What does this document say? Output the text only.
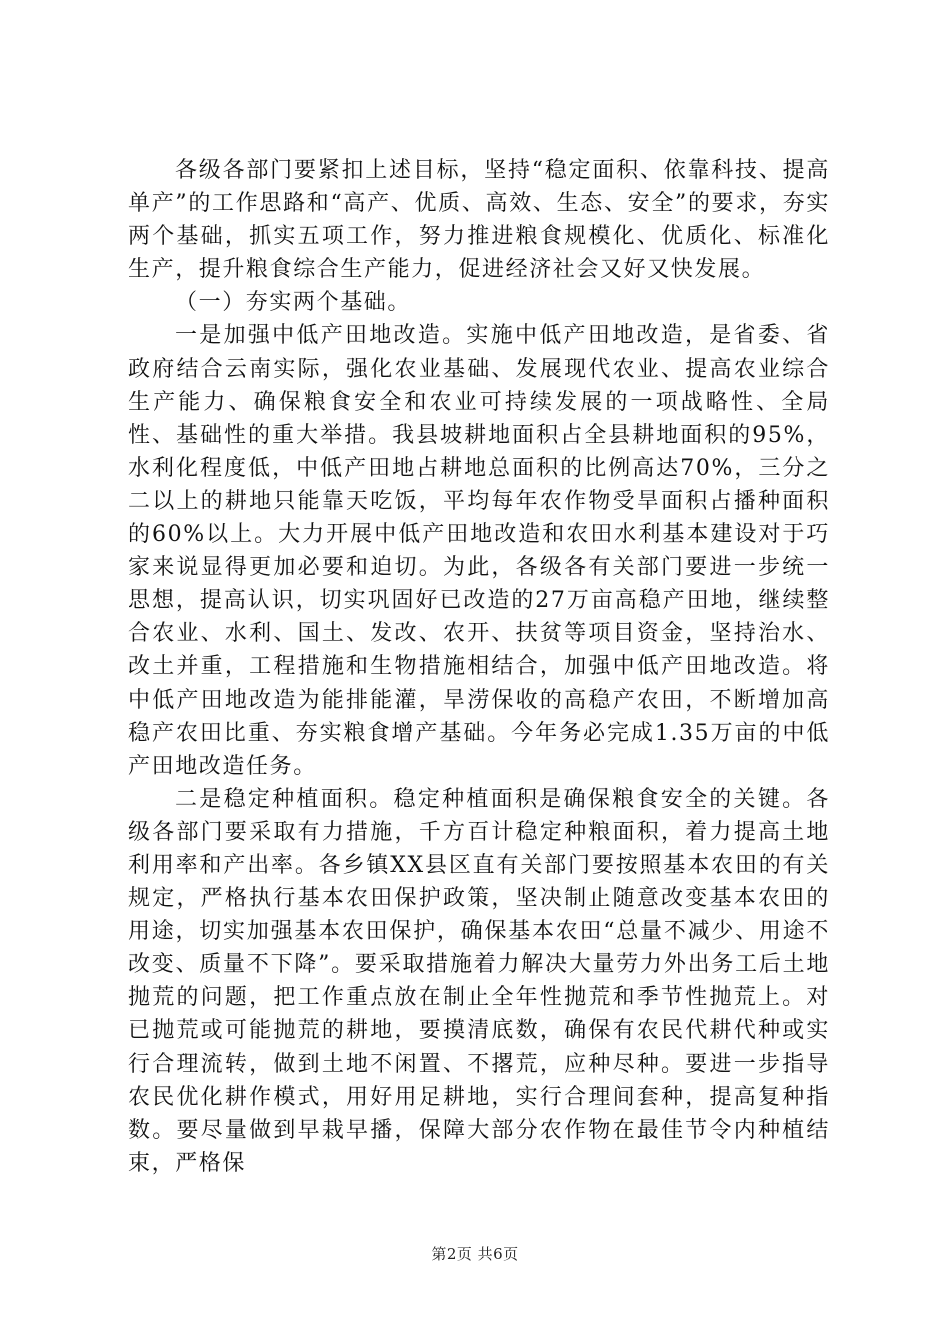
各级各部门要紧扣上述目标，坚持“稳定面积、依靠科技、提高单产”的工作思路和“高产、优质、高效、生态、安全”的要求，夯实两个基础，抓实五项工作，努力推进粮食规模化、优质化、标准化生产，提升粮食综合生产能力，促进经济社会又好又快发展。

（一）夯实两个基础。

一是加强中低产田地改造。实施中低产田地改造，是省委、省政府结合云南实际，强化农业基础、发展现代农业、提高农业综合生产能力、确保粮食安全和农业可持续发展的一项战略性、全局性、基础性的重大举措。我县坡耕地面积占全县耕地面积的95%，水利化程度低，中低产田地占耕地总面积的比例高达70%，三分之二以上的耕地只能靠天吃饭，平均每年农作物受旱面积占播种面积的60%以上。大力开展中低产田地改造和农田水利基本建设对于巧家来说显得更加必要和迫切。为此，各级各有关部门要进一步统一思想，提高认识，切实巩固好已改造的27万亩高稳产田地，继续整合农业、水利、国土、发改、农开、扶贫等项目资金，坚持治水、改土并重，工程措施和生物措施相结合，加强中低产田地改造。将中低产田地改造为能排能灌，旱涝保收的高稳产农田，不断增加高稳产农田比重、夯实粮食增产基础。今年务必完成1.35万亩的中低产田地改造任务。

二是稳定种植面积。稳定种植面积是确保粮食安全的关键。各级各部门要采取有力措施，千方百计稳定种粮面积，着力提高土地利用率和产出率。各乡镇XX县区直有关部门要按照基本农田的有关规定，严格执行基本农田保护政策，坚决制止随意改变基本农田的用途，切实加强基本农田保护，确保基本农田“总量不减少、用途不改变、质量不下降”。要采取措施着力解决大量劳力外出务工后土地抛荒的问题，把工作重点放在制止全年性抛荒和季节性抛荒上。对已抛荒或可能抛荒的耕地，要摸清底数，确保有农民代耕代种或实行合理流转，做到土地不闲置、不撂荒，应种尽种。要进一步指导农民优化耕作模式，用好用足耕地，实行合理间套种，提高复种指数。要尽量做到早栽早播，保障大部分农作物在最佳节令内种植结束，严格保

第2页 共6页
